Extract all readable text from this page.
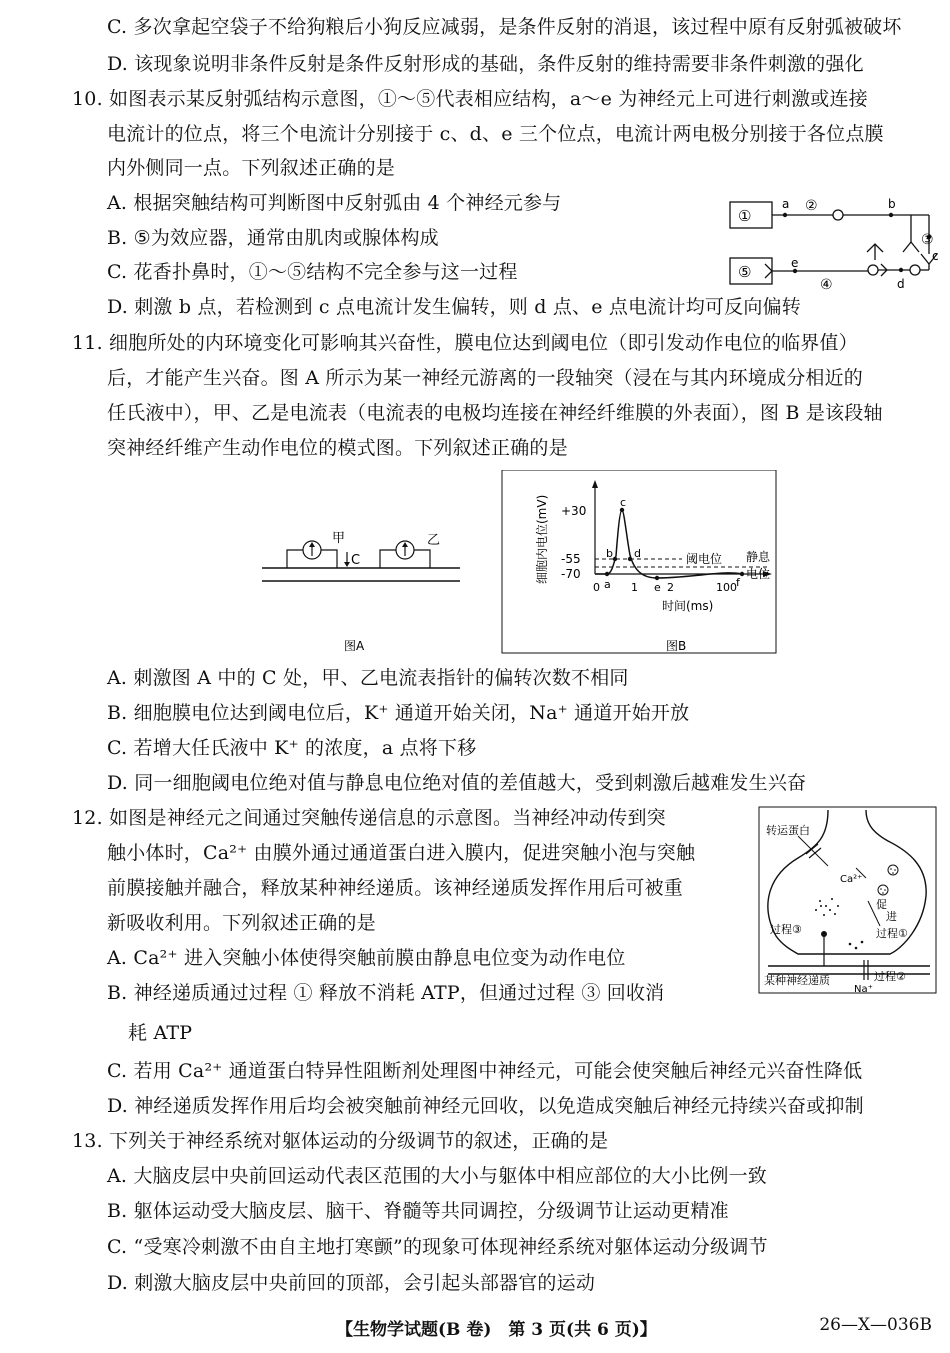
C. 多次拿起空袋子不给狗粮后小狗反应减弱，是条件反射的消退，该过程中原有反射弧被破坏
D. 该现象说明非条件反射是条件反射形成的基础，条件反射的维持需要非条件刺激的强化
10. 如图表示某反射弧结构示意图，①～⑤代表相应结构，a～e 为神经元上可进行刺激或连接
电流计的位点，将三个电流计分别接于 c、d、e 三个位点，电流计两电极分别接于各位点膜
内外侧同一点。下列叙述正确的是
A. 根据突触结构可判断图中反射弧由 4 个神经元参与
B. ⑤为效应器，通常由肌肉或腺体构成
C. 花香扑鼻时，①～⑤结构不完全参与这一过程
D. 刺激 b 点，若检测到 c 点电流计发生偏转，则 d 点、e 点电流计均可反向偏转
①
⑤
②
③
④
a	b
c
d
e
11. 细胞所处的内环境变化可影响其兴奋性，膜电位达到阈电位（即引发动作电位的临界值）
后，才能产生兴奋。图 A 所示为某一神经元游离的一段轴突（浸在与其内环境成分相近的
任氏液中），甲、乙是电流表（电流表的电极均连接在神经纤维膜的外表面），图 B 是该段轴
突神经纤维产生动作电位的模式图。下列叙述正确的是
甲	乙
C
图A
细胞内电位(mV) +30
-55
-70
c
b d
a	e	f
阈电位 静息
电位
0	1	2	100
时间(ms)
图B
A. 刺激图 A 中的 C 处，甲、乙电流表指针的偏转次数不相同
B. 细胞膜电位达到阈电位后，K⁺ 通道开始关闭，Na⁺ 通道开始开放
C. 若增大任氏液中 K⁺ 的浓度，a 点将下移
D. 同一细胞阈电位绝对值与静息电位绝对值的差值越大，受到刺激后越难发生兴奋
12. 如图是神经元之间通过突触传递信息的示意图。当神经冲动传到突
触小体时，Ca²⁺ 由膜外通过通道蛋白进入膜内，促进突触小泡与突触
前膜接触并融合，释放某种神经递质。该神经递质发挥作用后可被重
新吸收利用。下列叙述正确的是
A. Ca²⁺ 进入突触小体使得突触前膜由静息电位变为动作电位
B. 神经递质通过过程 ① 释放不消耗 ATP，但通过过程 ③ 回收消
耗 ATP
C. 若用 Ca²⁺ 通道蛋白特异性阻断剂处理图中神经元，可能会使突触后神经元兴奋性降低
D. 神经递质发挥作用后均会被突触前神经元回收，以免造成突触后神经元持续兴奋或抑制
转运蛋白
Ca²⁺
促
进
过程③	过程①
过程②
某种神经递质
Na⁺
13. 下列关于神经系统对躯体运动的分级调节的叙述，正确的是
A. 大脑皮层中央前回运动代表区范围的大小与躯体中相应部位的大小比例一致
B. 躯体运动受大脑皮层、脑干、脊髓等共同调控，分级调节让运动更精准
C. “受寒冷刺激不由自主地打寒颤”的现象可体现神经系统对躯体运动分级调节
D. 刺激大脑皮层中央前回的顶部，会引起头部器官的运动
【生物学试题(B 卷)　第 3 页(共 6 页)】	26—X—036B
